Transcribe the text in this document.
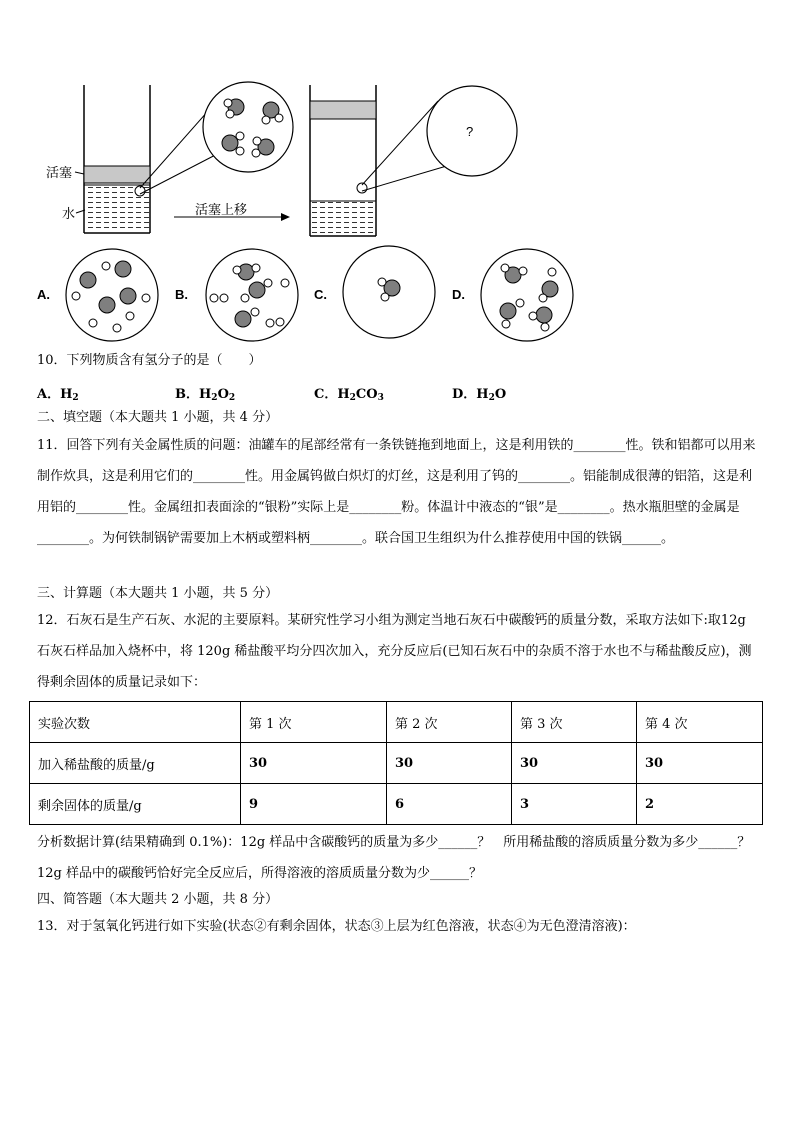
活塞
水	活塞上移
?
A.	B.	C.	D.
10．下列物质含有氢分子的是（　　）
A．$H_2$	B．$H_2O_2$	C．$H_2CO_3$	D．$H_2O$
二、填空题（本大题共 1 小题，共 4 分）
11．回答下列有关金属性质的问题：油罐车的尾部经常有一条铁链拖到地面上，这是利用铁的________性。铁和铝都可以用来制作炊具，这是利用它们的________性。用金属钨做白炽灯的灯丝，这是利用了钨的________。铝能制成很薄的铝箔，这是利用铝的________性。金属纽扣表面涂的“银粉”实际上是________粉。体温计中液态的“银”是________。热水瓶胆壁的金属是________。为何铁制锅铲需要加上木柄或塑料柄________。联合国卫生组织为什么推荐使用中国的铁锅______。
三、计算题（本大题共 1 小题，共 5 分）
12．石灰石是生产石灰、水泥的主要原料。某研究性学习小组为测定当地石灰石中碳酸钙的质量分数，采取方法如下:取12g 石灰石样品加入烧杯中，将 120g 稀盐酸平均分四次加入，充分反应后(已知石灰石中的杂质不溶于水也不与稀盐酸反应)，测得剩余固体的质量记录如下：
实验次数	第 1 次	第 2 次	第 3 次	第 4 次
加入稀盐酸的质量/g	30	30	30	30
剩余固体的质量/g	9	6	3	2
分析数据计算(结果精确到 0.1%)：12g 样品中含碳酸钙的质量为多少______？　所用稀盐酸的溶质质量分数为多少______？12g 样品中的碳酸钙恰好完全反应后，所得溶液的溶质质量分数为少______？
四、简答题（本大题共 2 小题，共 8 分）
13．对于氢氧化钙进行如下实验(状态②有剩余固体，状态③上层为红色溶液，状态④为无色澄清溶液)：
